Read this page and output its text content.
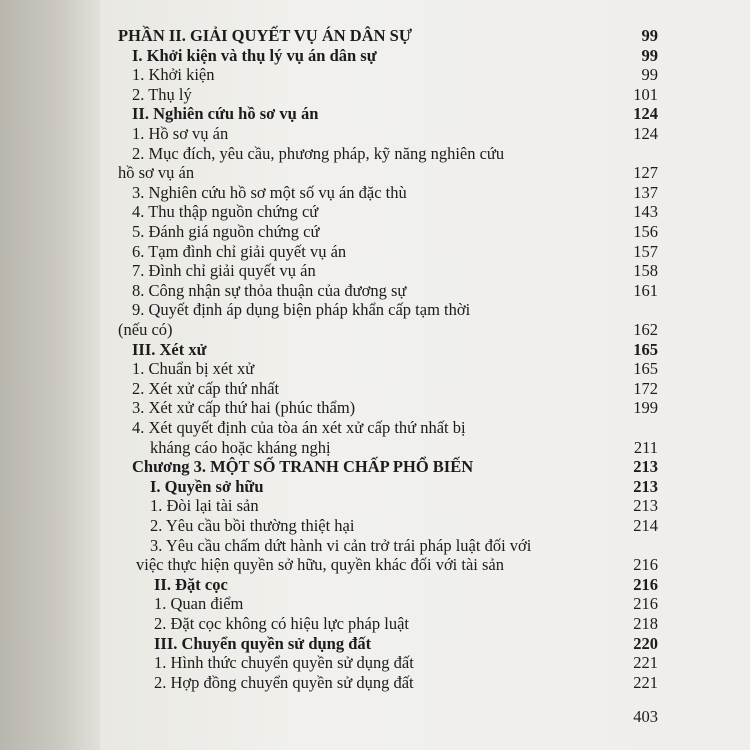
PHẦN II. GIẢI QUYẾT VỤ ÁN DÂN SỰ	99
I. Khởi kiện và thụ lý vụ án dân sự	99
1. Khởi kiện	99
2. Thụ lý	101
II. Nghiên cứu hồ sơ vụ án	124
1. Hồ sơ vụ án	124
2. Mục đích, yêu cầu, phương pháp, kỹ năng nghiên cứu
hồ sơ vụ án	127
3. Nghiên cứu hồ sơ một số vụ án đặc thù	137
4. Thu thập nguồn chứng cứ	143
5. Đánh giá nguồn chứng cứ	156
6. Tạm đình chỉ giải quyết vụ án	157
7. Đình chỉ giải quyết vụ án	158
8. Công nhận sự thỏa thuận của đương sự	161
9. Quyết định áp dụng biện pháp khẩn cấp tạm thời
(nếu có)	162
III. Xét xử	165
1. Chuẩn bị xét xử	165
2. Xét xử cấp thứ nhất	172
3. Xét xử cấp thứ hai (phúc thẩm)	199
4. Xét quyết định của tòa án xét xử cấp thứ nhất bị
kháng cáo hoặc kháng nghị	211
Chương 3. MỘT SỐ TRANH CHẤP PHỔ BIẾN	213
I. Quyền sở hữu	213
1. Đòi lại tài sản	213
2. Yêu cầu bồi thường thiệt hại	214
3. Yêu cầu chấm dứt hành vi cản trở trái pháp luật đối với
việc thực hiện quyền sở hữu, quyền khác đối với tài sản	216
II. Đặt cọc	216
1. Quan điểm	216
2. Đặt cọc không có hiệu lực pháp luật	218
III. Chuyển quyền sử dụng đất	220
1. Hình thức chuyển quyền sử dụng đất	221
2. Hợp đồng chuyển quyền sử dụng đất	221
403
